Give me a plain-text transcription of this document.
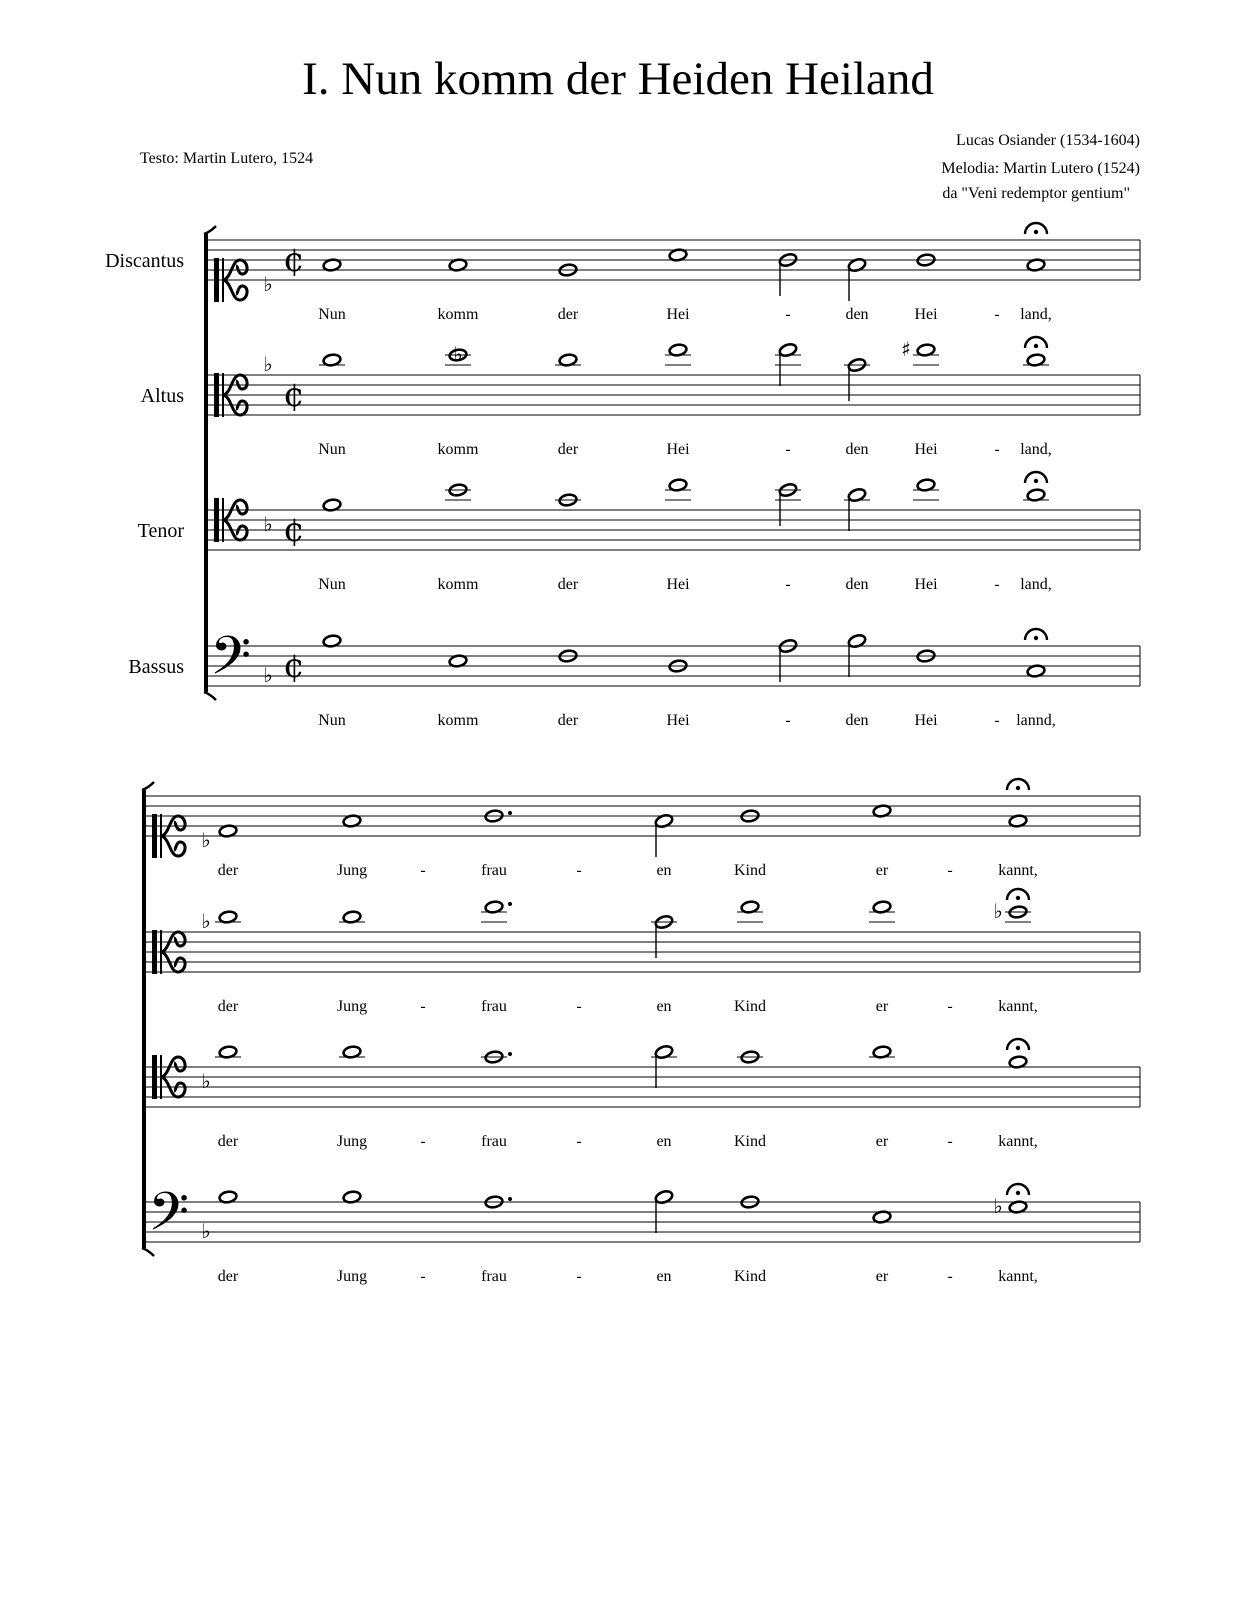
I. Nun komm der Heiden Heiland
Testo: Martin Lutero, 1524
Lucas Osiander (1534-1604)
Melodia: Martin Lutero (1524)
da "Veni redemptor gentium"
Discantus
♭
¢
Nun	komm	der	Hei	-	den	Hei	land,
-
Altus
♭
¢
Nun
♭
komm	der	Hei	-	den
♯
Hei	land,
-
Tenor	♭ ¢
Nun	komm	der	Hei	-	den	Hei	land,
-
Bassus 𝄢 ♭ ¢
Nun	komm	der	Hei	-	den	Hei	lannd,
-
♭
der	Jung	frau
-	en
-	Kind	er	kannt,
-
♭
der	Jung	frau
-	en
-	Kind	er
♭
kannt,
-
♭
der	Jung	frau
-	en
-	Kind	er	kannt,
-
𝄢 ♭
der	Jung	frau
-	en
-	Kind	er
♭
kannt,
-
